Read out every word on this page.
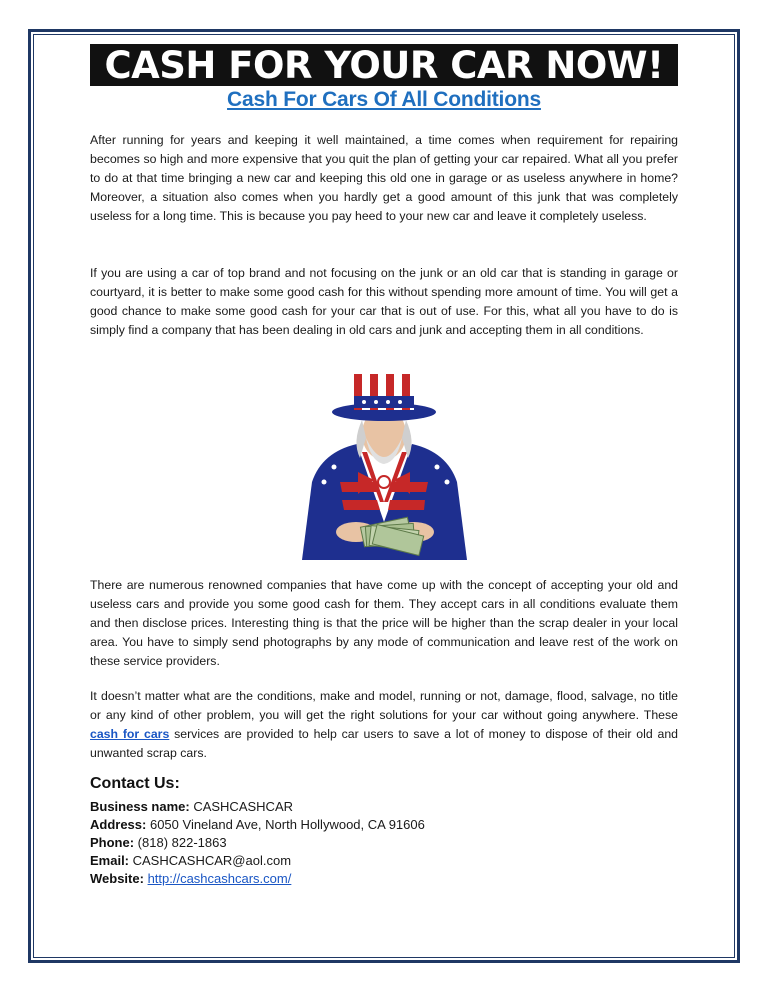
CASH FOR YOUR CAR NOW!
Cash For Cars Of All Conditions

After running for years and keeping it well maintained, a time comes when requirement for repairing becomes so high and more expensive that you quit the plan of getting your car repaired. What all you prefer to do at that time bringing a new car and keeping this old one in garage or as useless anywhere in home? Moreover, a situation also comes when you hardly get a good amount of this junk that was completely useless for a long time. This is because you pay heed to your new car and leave it completely useless.

If you are using a car of top brand and not focusing on the junk or an old car that is standing in garage or courtyard, it is better to make some good cash for this without spending more amount of time. You will get a good chance to make some good cash for your car that is out of use. For this, what all you have to do is simply find a company that has been dealing in old cars and junk and accepting them in all conditions.

There are numerous renowned companies that have come up with the concept of accepting your old and useless cars and provide you some good cash for them. They accept cars in all conditions evaluate them and then disclose prices. Interesting thing is that the price will be higher than the scrap dealer in your local area. You have to simply send photographs by any mode of communication and leave rest of the work on these service providers.

It doesn’t matter what are the conditions, make and model, running or not, damage, flood, salvage, no title or any kind of other problem, you will get the right solutions for your car without going anywhere. These cash for cars services are provided to help car users to save a lot of money to dispose of their old and unwanted scrap cars.

Contact Us:
Business name: CASHCASHCAR
Address: 6050 Vineland Ave, North Hollywood, CA 91606
Phone: (818) 822-1863
Email: CASHCASHCAR@aol.com
Website: http://cashcashcars.com/
